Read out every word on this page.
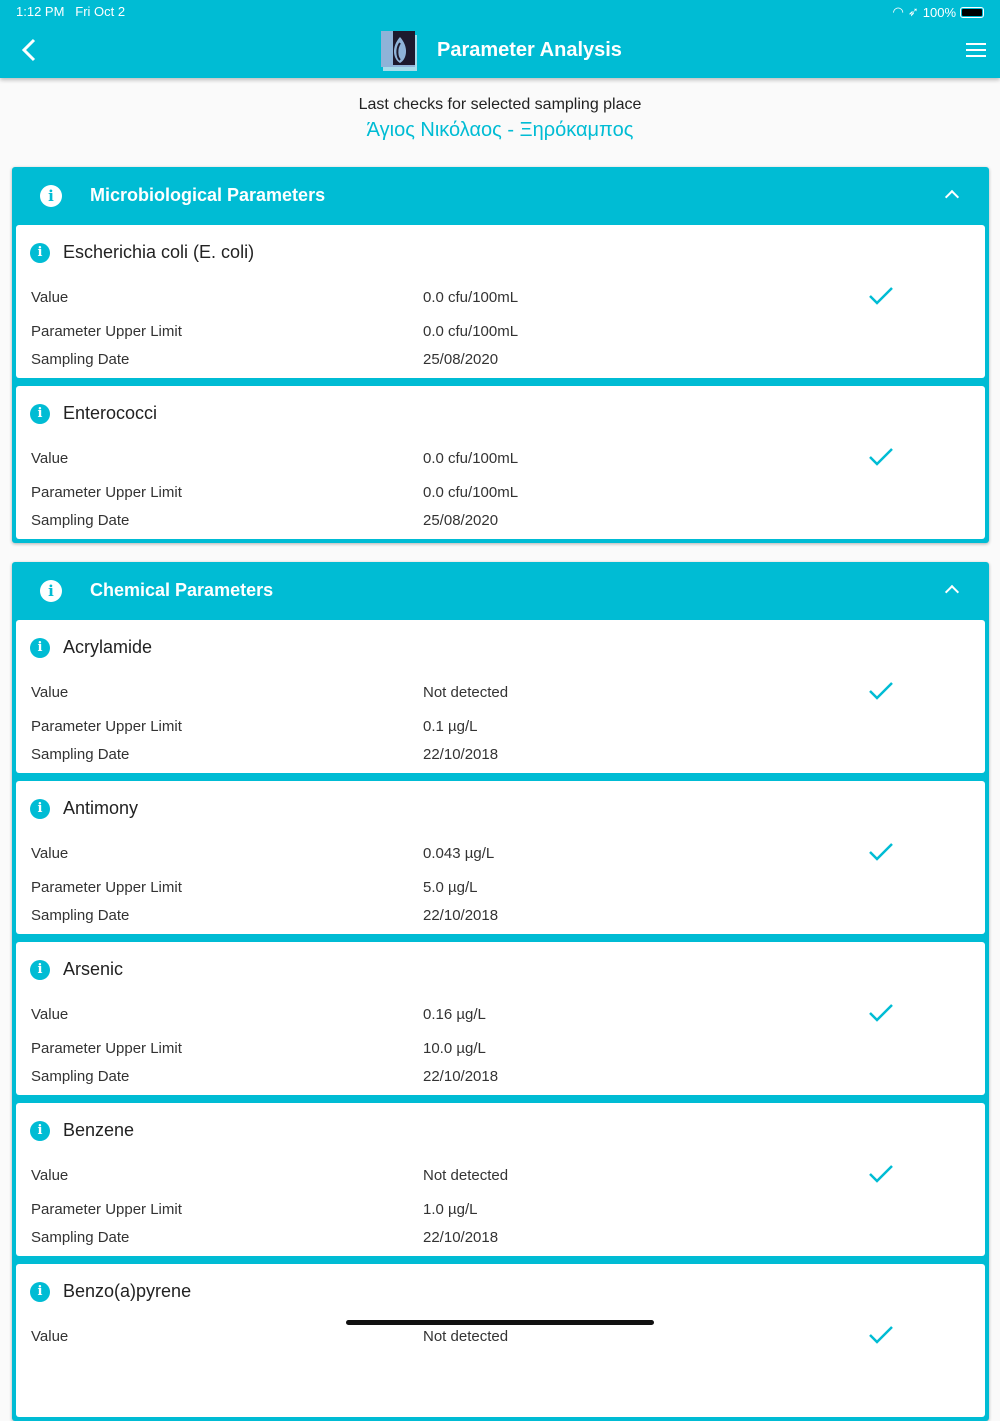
1:12 PM Fri Oct 2	◠ ➶ 100%
Parameter Analysis
Last checks for selected sampling place
Άγιος Νικόλαος - Ξηρόκαμπος
i	Microbiological Parameters
i	Escherichia coli (E. coli)
Value	0.0 cfu/100mL
Parameter Upper Limit	0.0 cfu/100mL
Sampling Date	25/08/2020
i	Enterococci
Value	0.0 cfu/100mL
Parameter Upper Limit	0.0 cfu/100mL
Sampling Date	25/08/2020
i	Chemical Parameters
i	Acrylamide
Value	Not detected
Parameter Upper Limit	0.1 µg/L
Sampling Date	22/10/2018
i	Antimony
Value	0.043 µg/L
Parameter Upper Limit	5.0 µg/L
Sampling Date	22/10/2018
i	Arsenic
Value	0.16 µg/L
Parameter Upper Limit	10.0 µg/L
Sampling Date	22/10/2018
i	Benzene
Value	Not detected
Parameter Upper Limit	1.0 µg/L
Sampling Date	22/10/2018
i	Benzo(a)pyrene
Value	Not detected
